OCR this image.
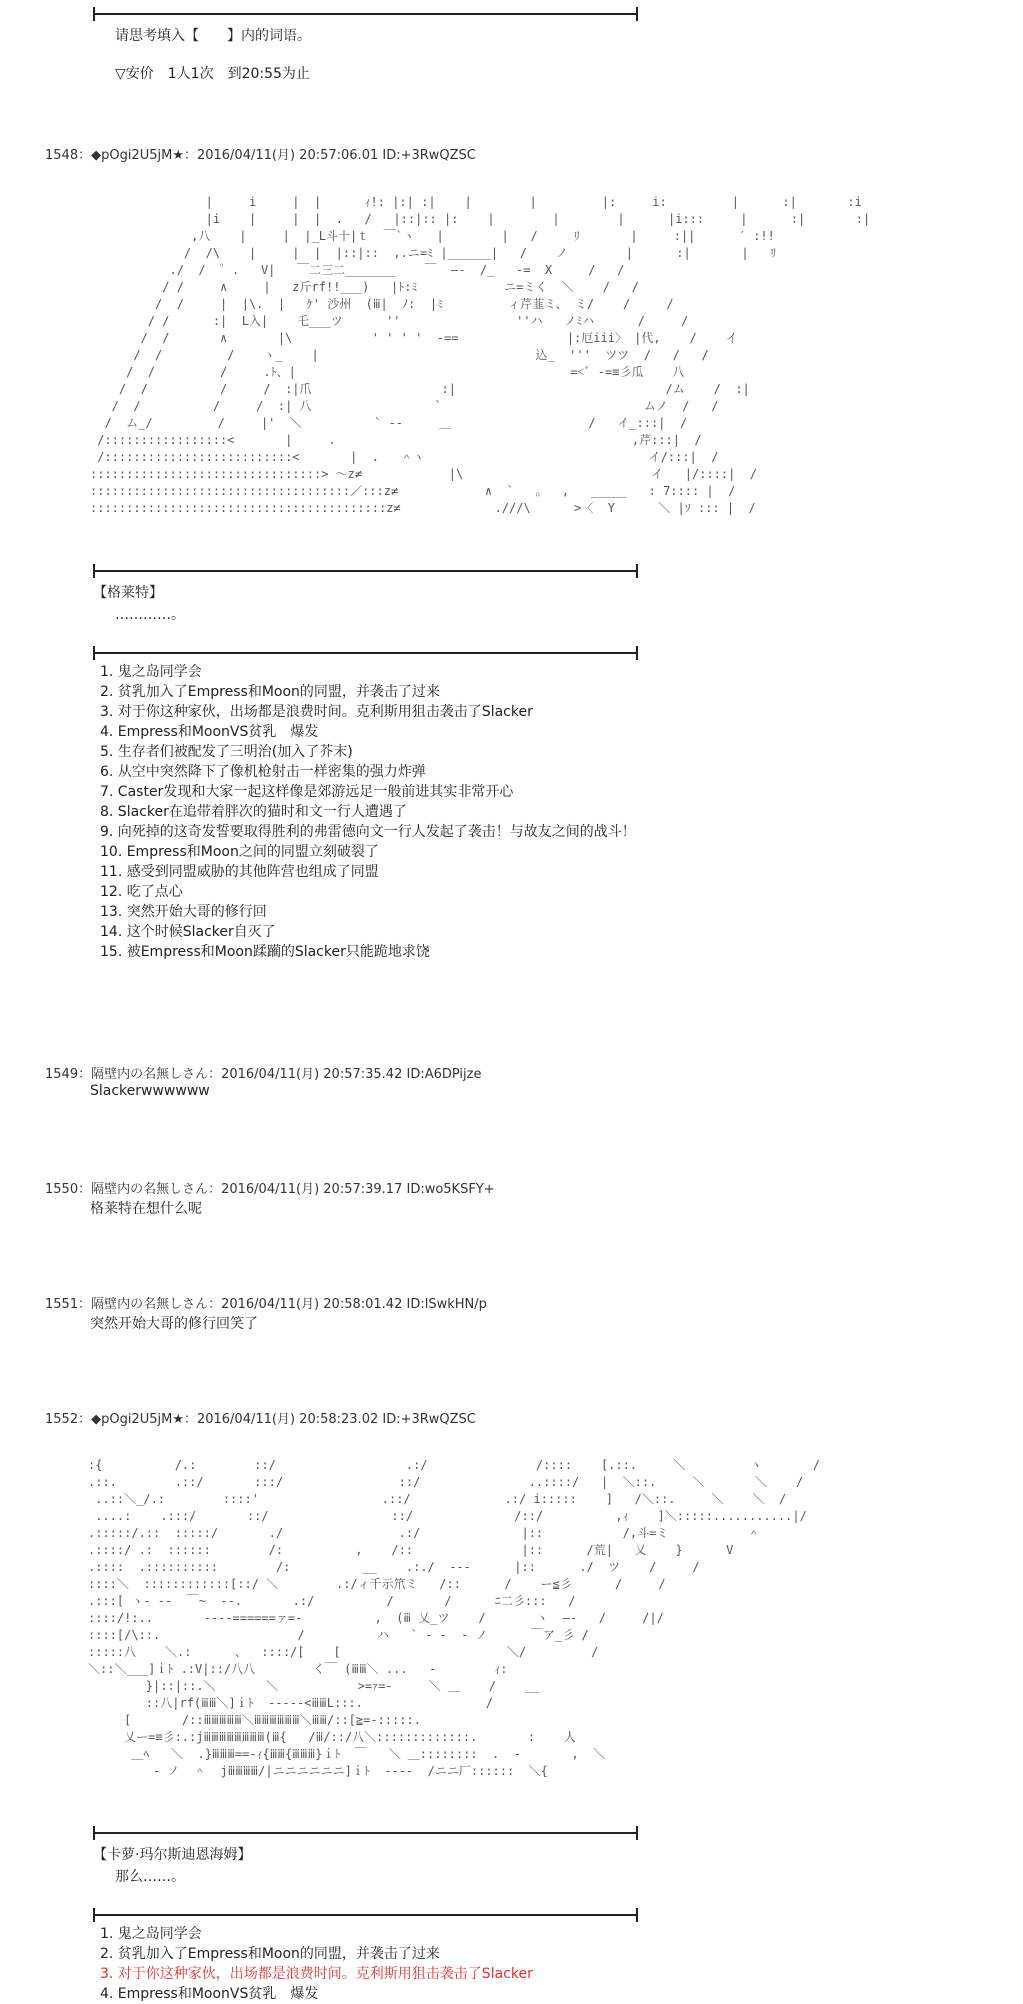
请思考填入【　　】内的词语。
▽安价　1人1次　到20:55为止
1548：◆pOgi2U5jM★：2016/04/11(月) 20:57:06.01 ID:+3RwQZSC
|     i     |  |      ｨ!: |:| :|    |        |         |:     i:         |      :|       :i
|i    |     |  |  .   /   |::|:: |:    |        |        |      |i:::     |      :|       :|
,八    |     |  |_L斗十|ｔ  ￣`ヽ   |        |   /     ﾘ       |     :||      ′ :!!
/  /\    |     |  |  |::|::  ,.ニ=ﾐ |______|   /    ノ        |      :|       |   ﾘ
./  /  ゜.   V|   ￣二三二_______    ￣  ―‐  /_   -=  X     /   /
/ /     ∧     |   z斤rf!!___)   |ﾄ:ﾐ            ニ=ミく  ＼    /   /
/  /     |  |\.  |   ｹ' 沙州  (ⅲ|  ﾉ:  |ﾐ         ィ芹韮ミ、 ミ/    /     /
/ /      :|  L入|    乇___ツ      ''                ''ハ   ノﾐハ      /     /
/  /       ∧       |\           ' ' ' '  -==               |:厄iii〉 |代,    /    イ
/  /         /    ヽ_    |                              込_  '''  ツツ  /   /   /
/  /         /     .ﾄ、|                                      =<ﾞ ‐=≡彡瓜    八
/  /          /     /  :|爪                  :|                             /ム    /  :|
/  /          /     /  :| 八                 `                            ムノ  /   /
/  ム_/         /     |'  ＼          ` ‐‐     ＿                   /   イ_:::|  /
/:::::::::::::::::<       |     .                                         ,芹:::|  /
/::::::::::::::::::::::::::<       |  .   ＾ヽ                               イ/:::|  /
::::::::::::::::::::::::::::::::> 〜z≠            |\                          イ   |/::::|  /
::::::::::::::::::::::::::::::::::::／:::z≠            ∧  `   。  ,   _____   : 7:::: |  /
:::::::::::::::::::::::::::::::::::::::::z≠             .///\      >〈  Y      ＼ |ｿ ::: |  /

【格莱特】
…………。
1. 鬼之岛同学会
2. 贫乳加入了Empress和Moon的同盟，并袭击了过来
3. 对于你这种家伙，出场都是浪费时间。克利斯用狙击袭击了Slacker
4. Empress和MoonVS贫乳　爆发
5. 生存者们被配发了三明治(加入了芥末)
6. 从空中突然降下了像机枪射击一样密集的强力炸弹
7. Caster发现和大家一起这样像是郊游远足一般前进其实非常开心
8. Slacker在追带着胖次的猫时和文一行人遭遇了
9. 向死掉的这奇发誓要取得胜利的弗雷德向文一行人发起了袭击！与故友之间的战斗！
10. Empress和Moon之间的同盟立刻破裂了
11. 感受到同盟威胁的其他阵营也组成了同盟
12. 吃了点心
13. 突然开始大哥的修行回
14. 这个时候Slacker自灭了
15. 被Empress和Moon蹂躏的Slacker只能跪地求饶
1549：隔壁内の名無しさん：2016/04/11(月) 20:57:35.42 ID:A6DPijze
Slackerwwwwww
1550：隔壁内の名無しさん：2016/04/11(月) 20:57:39.17 ID:wo5KSFY+
格莱特在想什么呢
1551：隔壁内の名無しさん：2016/04/11(月) 20:58:01.42 ID:lSwkHN/p
突然开始大哥的修行回笑了
1552：◆pOgi2U5jM★：2016/04/11(月) 20:58:23.02 ID:+3RwQZSC
:{          /.:        ::/                  .:/               /::::    [.::.     ＼         ヽ       /
.::.        .::/       :::/                ::/               ..::::/   |  ＼::.     ＼       ＼    /
..::＼_/.:        ::::'                 .::/             .:/ i:::::    ]   /＼::.     ＼    ＼  /
....:    .:::/       ::/                 ::/              /::/          ,ｨ    ]＼:::::...........|/
.:::::/.::  :::::/       ./                .:/              |::           /,斗=ミ           ＾
.::::/ .:  ::::::        /:          ,    /::               |::      /荒|   乂    }      V
.::::  .::::::::::        /:          __    .:./  ‐‐‐      |::      ./  ツ    /     /
::::＼  ::::::::::::[::/ ＼        .:/ィ千示笊ミ   /::      /    ー≦彡      /     /
.:::[ ヽ‐ ‐‐  ￣~  ‐‐.       .:/          /       /      ﾆ二彡:::   /
::::/!:..       ----======ァ=‐          ,  (ⅲ 乂_ツ    /       ヽ  ―‐   /     /|/
::::[/\::.                   /          ハ   ` ‐ ‐  ‐ ノ      ￣ア_彡 /
:::::八    ＼.:      、  ::::/[    [                       ＼/         /
＼::＼___]ｉﾄ .:V|::/八八        く￣ (ⅲⅲ＼ ...   ‐        ｨ:
}|::|::.＼       ＼           >=ｧ=‐     ＼ ＿    /    __
::八|rf(ⅲⅲ＼]ｉﾄ  -----<ⅲⅲL:::.                 /
[       /::ⅲⅲⅲⅲⅲ＼ⅲⅲⅲⅲⅲⅲ＼ⅲⅲ/::[≧=-:::::.
乂ー=≡彡:.:jⅲⅲⅲⅲⅲⅲⅲⅲ(ⅲ{   /ⅲ/::/八＼:::::::::::::.       :    人
＿ﾍ   ＼  .}ⅲⅲⅲ==‐ｨ{ⅲⅲ{ⅲⅲⅲ}ｉﾄ  ￣   ＼ ＿::::::::  .  ‐       ,  ＼
‐ ノ  ＾  jⅲⅲⅲⅲ/|ニニニニニニ]ｉﾄ  ‐‐‐‐  /ニニ厂::::::  ＼{

【卡萝·玛尔斯迪恩海姆】
那么……。
1. 鬼之岛同学会
2. 贫乳加入了Empress和Moon的同盟，并袭击了过来
3. 对于你这种家伙，出场都是浪费时间。克利斯用狙击袭击了Slacker
4. Empress和MoonVS贫乳　爆发
